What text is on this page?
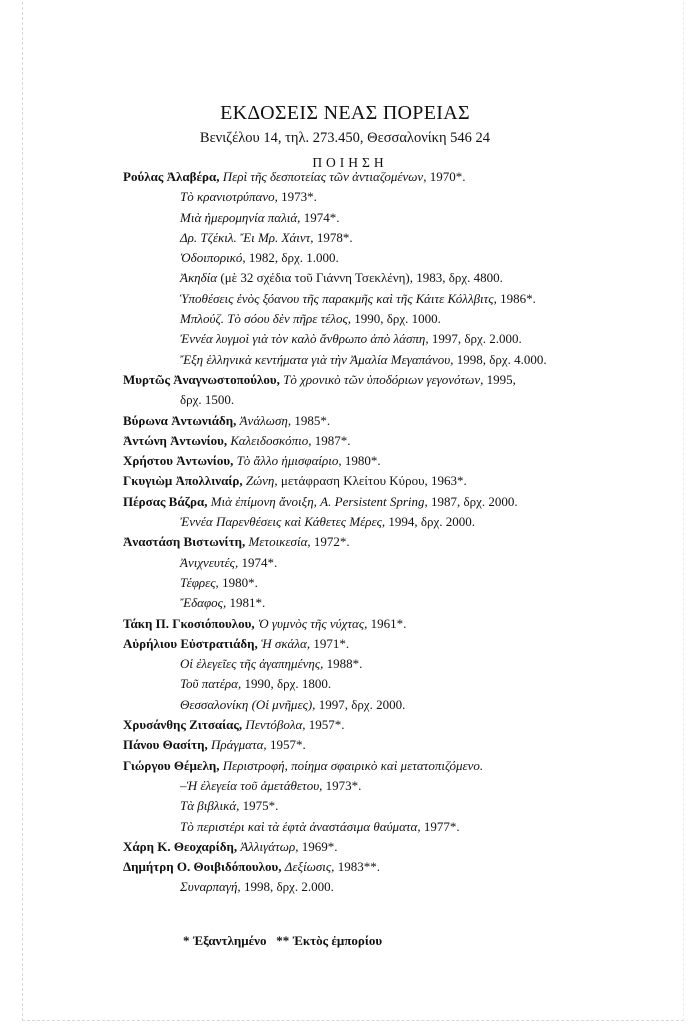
ΕΚΔΟΣΕΙΣ ΝΕΑΣ ΠΟΡΕΙΑΣ
Βενιζέλου 14, τηλ. 273.450, Θεσσαλονίκη 546 24
ΠΟΙΗΣΗ
Ρούλας Ἀλαβέρα, Περὶ τῆς δεσποτείας τῶν ἀντιαζομένων, 1970*.
Τὸ κρανιοτρύπανο, 1973*.
Μιὰ ἡμερομηνία παλιά, 1974*.
Δρ. Τζέκιλ. Ἔι Μρ. Χάιντ, 1978*.
Ὁδοιπορικό, 1982, δρχ. 1.000.
Ἀκηδία (μὲ 32 σχέδια τοῦ Γιάννη Τσεκλένη), 1983, δρχ. 4800.
Ὑποθέσεις ἑνὸς ξόανου τῆς παρακμῆς καὶ τῆς Κάιτε Κόλλβιτς, 1986*.
Μπλούζ. Τὸ σόου δὲν πῆρε τέλος, 1990, δρχ. 1000.
Ἐννέα λυγμοὶ γιὰ τὸν καλὸ ἄνθρωπο ἀπὸ λάσπη, 1997, δρχ. 2.000.
Ἔξη ἑλληνικὰ κεντήματα γιὰ τὴν Ἀμαλία Μεγαπάνου, 1998, δρχ. 4.000.
Μυρτῶς Ἀναγνωστοπούλου, Τὸ χρονικὸ τῶν ὑποδόριων γεγονότων, 1995,
δρχ. 1500.
Βύρωνα Ἀντωνιάδη, Ἀνάλωση, 1985*.
Ἀντώνη Ἀντωνίου, Καλειδοσκόπιο, 1987*.
Χρήστου Ἀντωνίου, Τὸ ἄλλο ἡμισφαίριο, 1980*.
Γκυγιὼμ Ἀπολλιναίρ, Ζώνη, μετάφραση Κλείτου Κύρου, 1963*.
Πέρσας Βάζρα, Μιὰ ἐπίμονη ἄνοιξη, A. Persistent Spring, 1987, δρχ. 2000.
Ἐννέα Παρενθέσεις καὶ Κάθετες Μέρες, 1994, δρχ. 2000.
Ἀναστάση Βιστωνίτη, Μετοικεσία, 1972*.
Ἀνιχνευτές, 1974*.
Τέφρες, 1980*.
Ἔδαφος, 1981*.
Τάκη Π. Γκοσιόπουλου, Ὁ γυμνὸς τῆς νύχτας, 1961*.
Αὐρήλιου Εὐστρατιάδη, Ἡ σκάλα, 1971*.
Οἱ ἐλεγεῖες τῆς ἀγαπημένης, 1988*.
Τοῦ πατέρα, 1990, δρχ. 1800.
Θεσσαλονίκη (Οἱ μνῆμες), 1997, δρχ. 2000.
Χρυσάνθης Ζιτσαίας, Πεντόβολα, 1957*.
Πάνου Θασίτη, Πράγματα, 1957*.
Γιώργου Θέμελη, Περιστροφή, ποίημα σφαιρικὸ καὶ μετατοπιζόμενο.
–Ἡ ἐλεγεία τοῦ ἀμετάθετου, 1973*.
Τὰ βιβλικά, 1975*.
Τὸ περιστέρι καὶ τὰ ἑφτὰ ἀναστάσιμα θαύματα, 1977*.
Χάρη Κ. Θεοχαρίδη, Ἀλλιγάτωρ, 1969*.
Δημήτρη Ο. Θοιβιδόπουλου, Δεξίωσις, 1983**.
Συναρπαγή, 1998, δρχ. 2.000.
* Ἐξαντλημένο   ** Ἐκτὸς ἐμπορίου
